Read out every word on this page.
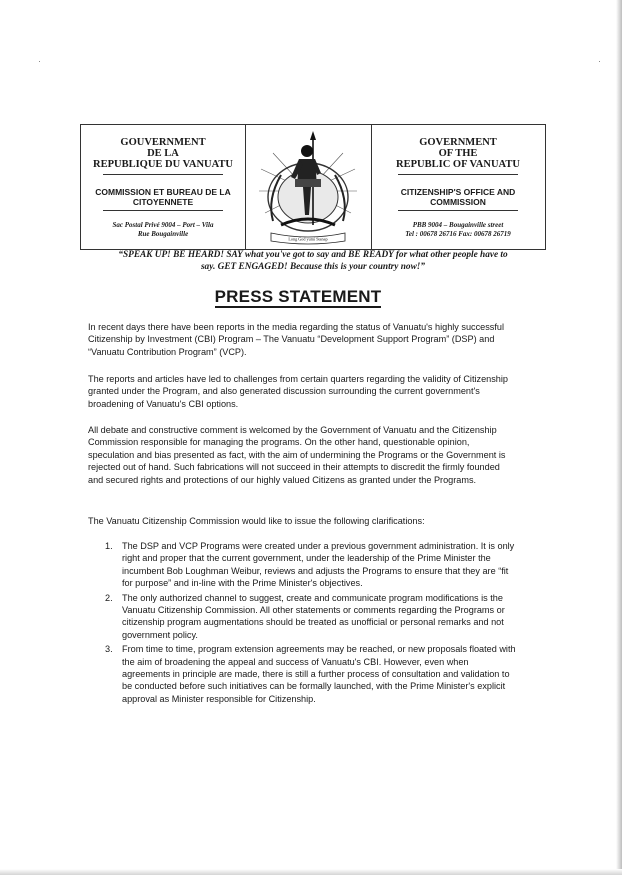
·	·
GOUVERNMENT
DE LA
REPUBLIQUE DU VANUATU
COMMISSION ET BUREAU DE LA
CITOYENNETE
Sac Postal Privé 9004 – Port – Vila
Rue Bougainville
Long God yumi Stanap
GOVERNMENT
OF THE
REPUBLIC OF VANUATU
CITIZENSHIP'S OFFICE AND
COMMISSION
PBB 9004 – Bougainville street
Tel : 00678 26716 Fax: 00678 26719
“SPEAK UP! BE HEARD! SAY what you've got to say and BE READY for what other people have to
say. GET ENGAGED! Because this is your country now!”
PRESS STATEMENT

In recent days there have been reports in the media regarding the status of Vanuatu's highly successful Citizenship by Investment (CBI) Program – The Vanuatu “Development Support Program” (DSP) and “Vanuatu Contribution Program” (VCP).

The reports and articles have led to challenges from certain quarters regarding the validity of Citizenship granted under the Program, and also generated discussion surrounding the current government's broadening of Vanuatu's CBI options.

All debate and constructive comment is welcomed by the Government of Vanuatu and the Citizenship Commission responsible for managing the programs. On the other hand, questionable opinion, speculation and bias presented as fact, with the aim of undermining the Programs or the Government is rejected out of hand. Such fabrications will not succeed in their attempts to discredit the firmly founded and secured rights and protections of our highly valued Citizens as granted under the Programs.

The Vanuatu Citizenship Commission would like to issue the following clarifications:

1. The DSP and VCP Programs were created under a previous government administration. It is only right and proper that the current government, under the leadership of the Prime Minister the incumbent Bob Loughman Weibur, reviews and adjusts the Programs to ensure that they are “fit for purpose” and in-line with the Prime Minister's objectives.
2. The only authorized channel to suggest, create and communicate program modifications is the Vanuatu Citizenship Commission. All other statements or comments regarding the Programs or citizenship program augmentations should be treated as unofficial or personal remarks and not government policy.
3. From time to time, program extension agreements may be reached, or new proposals floated with the aim of broadening the appeal and success of Vanuatu's CBI. However, even when agreements in principle are made, there is still a further process of consultation and validation to be conducted before such initiatives can be formally launched, with the Prime Minister's explicit approval as Minister responsible for Citizenship.
